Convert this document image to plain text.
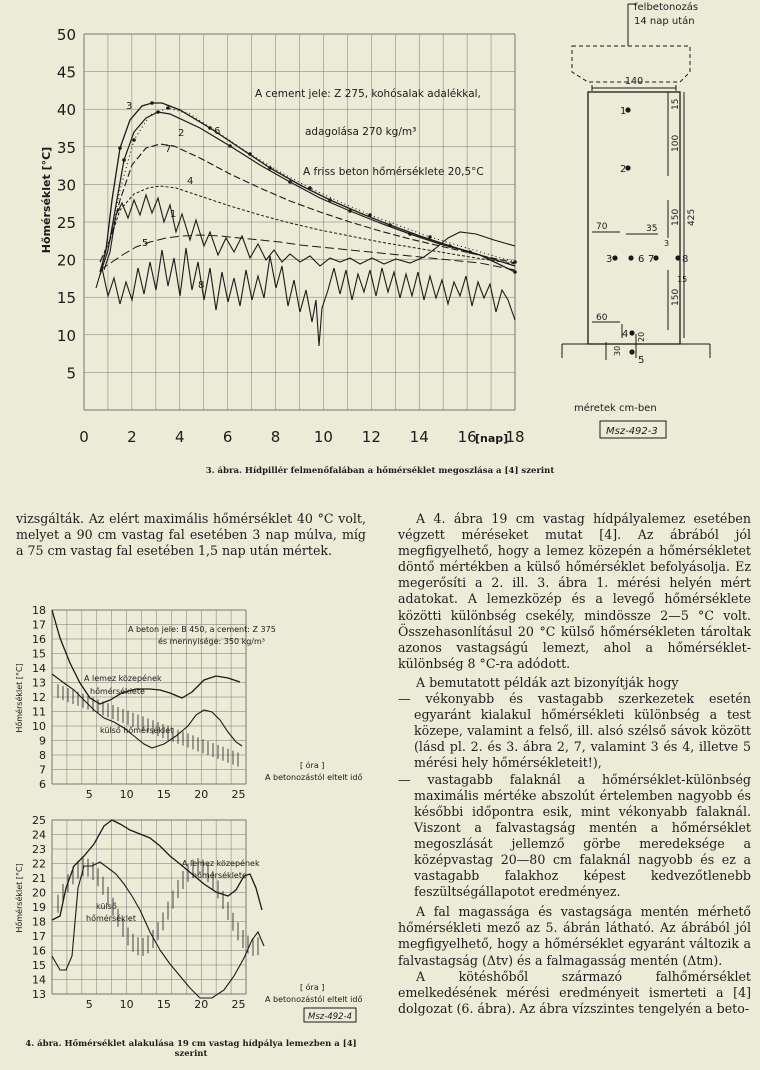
50
45
40
35
30
25
20
15
10
5
0	2	4	6	8 10 12 14 16 18
Hőmérséklet [°C]
[nap]
3
2	6
7
4
1
5
8
A cement jele: Z 275, kohósalak adalékkal,
adagolása 270 kg/m³
A friss beton hőmérséklete 20,5°C
felbetonozás
14 nap után
140
15
100
425
150
35
70
3
15
150
60
20
30
1
2
3	6 7	8
4
5
méretek cm-ben
Msz-492-3
3. ábra. Hídpillér felmenőfalában a hőmérséklet megoszlása a [4] szerint
vizsgálták. Az elért maximális hőmérséklet 40 °C volt, melyet a 90 cm vastag fal esetében 3 nap múlva, míg a 75 cm vastag fal esetében 1,5 nap után mértek.
18
17
16
15
14
13
12
11
10
9
8
7
6
5 10 15 20 25
Hőmérséklet [°C]
A beton jele: B 450, a cement: Z 375
és mennyisége: 350 kg/m³
A lemez közepének
hőmérséklete
külső hőmérséklet
[ óra ]
A betonozástól eltelt idő
25
24
23
22
21
20
19
18
17
16
15
14
13
5 10 15 20 25
Hőmérséklet [°C]	A lemez közepének
hőmérséklete
külső
hőmérséklet
[ óra ]
A betonozástól eltelt idő
Msz-492-4
4. ábra. Hőmérséklet alakulása 19 cm vastag hídpálya lemezben a [4] szerint

A 4. ábra 19 cm vastag hídpályalemez esetében végzett méréseket mutat [4]. Az ábrából jól megfigyelhető, hogy a lemez közepén a hőmérsékletet döntő mértékben a külső hőmérséklet befolyásolja. Ez megerősíti a 2. ill. 3. ábra 1. mérési helyén mért adatokat. A lemezközép és a levegő hőmérséklete közötti különbség csekély, mindössze 2—5 °C volt. Összehasonlításul 20 °C külső hőmérsékleten tároltak azonos vastagságú lemezt, ahol a hőmérséklet-különbség 8 °C-ra adódott.

A bemutatott példák azt bizonyítják hogy

— vékonyabb és vastagabb szerkezetek esetén egyaránt kialakul hőmérsékleti különbség a test közepe, valamint a felső, ill. alsó szélső sávok között (lásd pl. 2. és 3. ábra 2, 7, valamint 3 és 4, illetve 5 mérési hely hőmérsékleteit!),

— vastagabb falaknál a hőmérséklet-különbség maximális mértéke abszolút értelemben nagyobb és későbbi időpontra esik, mint vékonyabb falaknál. Viszont a falvastagság mentén a hőmérséklet megoszlását jellemző görbe meredeksége a középvastag 20—80 cm falaknál nagyobb és ez a vastagabb falakhoz képest kedvezőtlenebb feszültségállapotot eredményez.

A fal magassága és vastagsága mentén mérhető hőmérsékleti mező az 5. ábrán látható. Az ábrából jól megfigyelhető, hogy a hőmérséklet egyaránt változik a falvastagság (Δtv) és a falmagasság mentén (Δtm).

A kötéshőből származó falhőmérséklet emelkedésének mérési eredményeit ismerteti a [4] dolgozat (6. ábra). Az ábra vízszintes tengelyén a beto-
